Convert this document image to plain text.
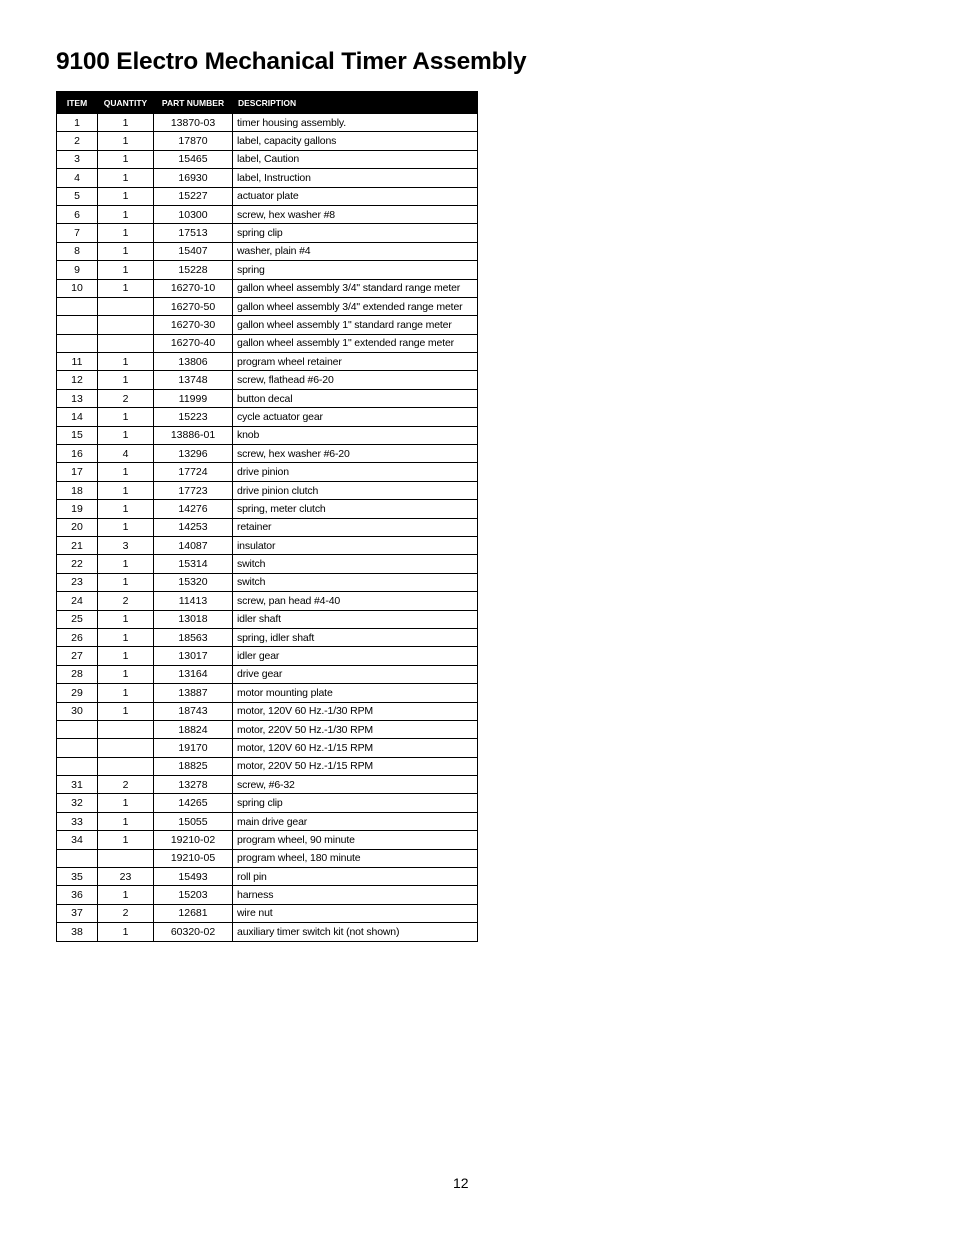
9100 Electro Mechanical Timer Assembly
ITEM	QUANTITY	PART NUMBER	DESCRIPTION
1	1	13870-03	timer housing assembly.
2	1	17870	label, capacity gallons
3	1	15465	label, Caution
4	1	16930	label, Instruction
5	1	15227	actuator plate
6	1	10300	screw, hex washer #8
7	1	17513	spring clip
8	1	15407	washer, plain #4
9	1	15228	spring
10	1	16270-10	gallon wheel assembly 3/4" standard range meter
		16270-50	gallon wheel assembly 3/4" extended range meter
		16270-30	gallon wheel assembly 1" standard range meter
		16270-40	gallon wheel assembly 1" extended range meter
11	1	13806	program wheel retainer
12	1	13748	screw, flathead #6-20
13	2	11999	button decal
14	1	15223	cycle actuator gear
15	1	13886-01	knob
16	4	13296	screw, hex washer #6-20
17	1	17724	drive pinion
18	1	17723	drive pinion clutch
19	1	14276	spring, meter clutch
20	1	14253	retainer
21	3	14087	insulator
22	1	15314	switch
23	1	15320	switch
24	2	11413	screw, pan head #4-40
25	1	13018	idler shaft
26	1	18563	spring, idler shaft
27	1	13017	idler gear
28	1	13164	drive gear
29	1	13887	motor mounting plate
30	1	18743	motor, 120V 60 Hz.-1/30 RPM
		18824	motor, 220V 50 Hz.-1/30 RPM
		19170	motor, 120V 60 Hz.-1/15 RPM
		18825	motor, 220V 50 Hz.-1/15 RPM
31	2	13278	screw, #6-32
32	1	14265	spring clip
33	1	15055	main drive gear
34	1	19210-02	program wheel, 90 minute
		19210-05	program wheel, 180 minute
35	23	15493	roll pin
36	1	15203	harness
37	2	12681	wire nut
38	1	60320-02	auxiliary timer switch kit (not shown)
12
